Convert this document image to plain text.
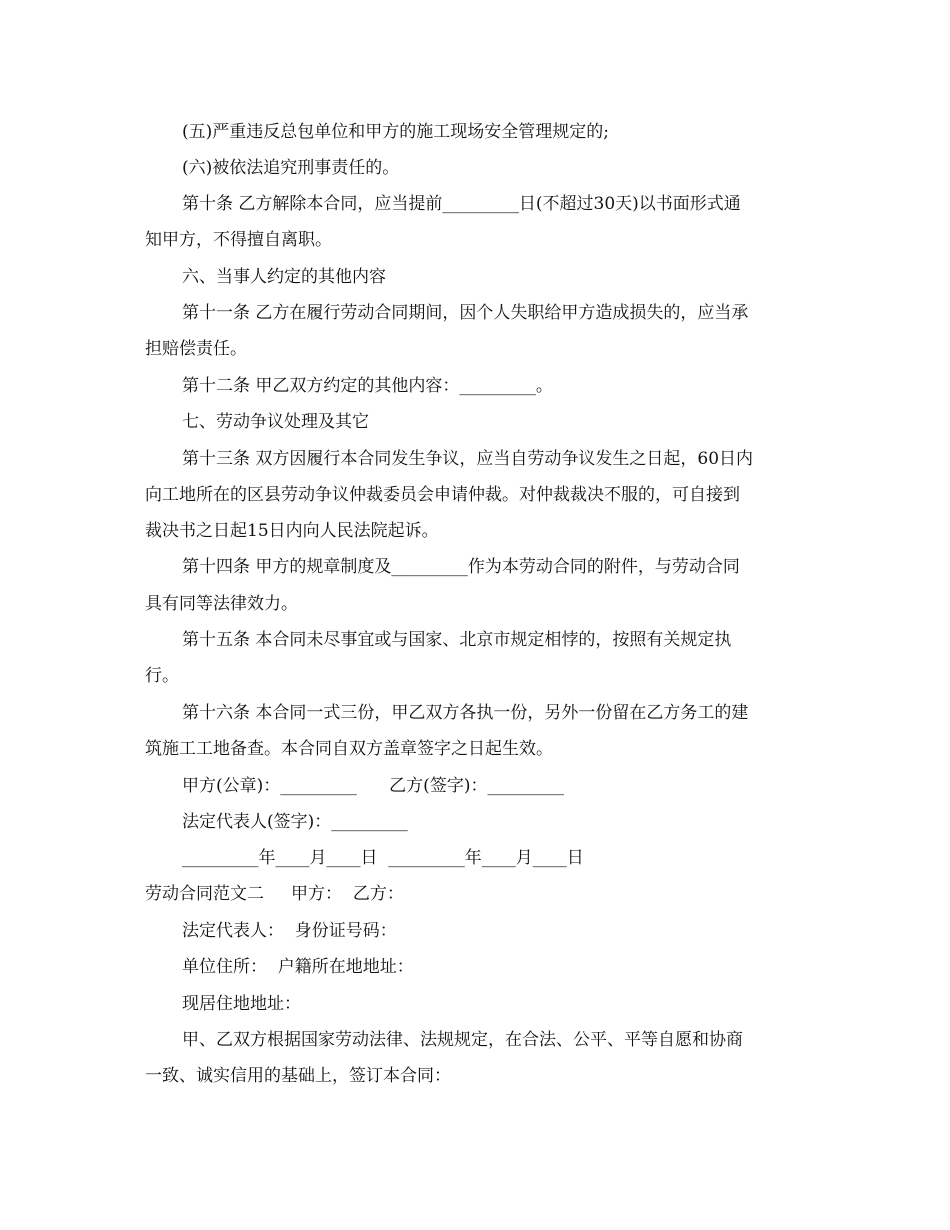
(五)严重违反总包单位和甲方的施工现场安全管理规定的;

(六)被依法追究刑事责任的。

第十条 乙方解除本合同，应当提前_________日(不超过30天)以书面形式通

知甲方，不得擅自离职。

六、当事人约定的其他内容

第十一条 乙方在履行劳动合同期间，因个人失职给甲方造成损失的，应当承

担赔偿责任。

第十二条 甲乙双方约定的其他内容：_________。

七、劳动争议处理及其它

第十三条 双方因履行本合同发生争议，应当自劳动争议发生之日起，60日内

向工地所在的区县劳动争议仲裁委员会申请仲裁。对仲裁裁决不服的，可自接到

裁决书之日起15日内向人民法院起诉。

第十四条 甲方的规章制度及_________作为本劳动合同的附件，与劳动合同

具有同等法律效力。

第十五条 本合同未尽事宜或与国家、北京市规定相悖的，按照有关规定执

行。

第十六条 本合同一式三份，甲乙双方各执一份，另外一份留在乙方务工的建

筑施工工地备查。本合同自双方盖章签字之日起生效。

甲方(公章)：_________      乙方(签字)：_________

法定代表人(签字)：_________

_________年____月____日  _________年____月____日

劳动合同范文二     甲方：  乙方：

法定代表人：  身份证号码：

单位住所：  户籍所在地地址：

现居住地地址：

甲、乙双方根据国家劳动法律、法规规定，在合法、公平、平等自愿和协商

一致、诚实信用的基础上，签订本合同：
